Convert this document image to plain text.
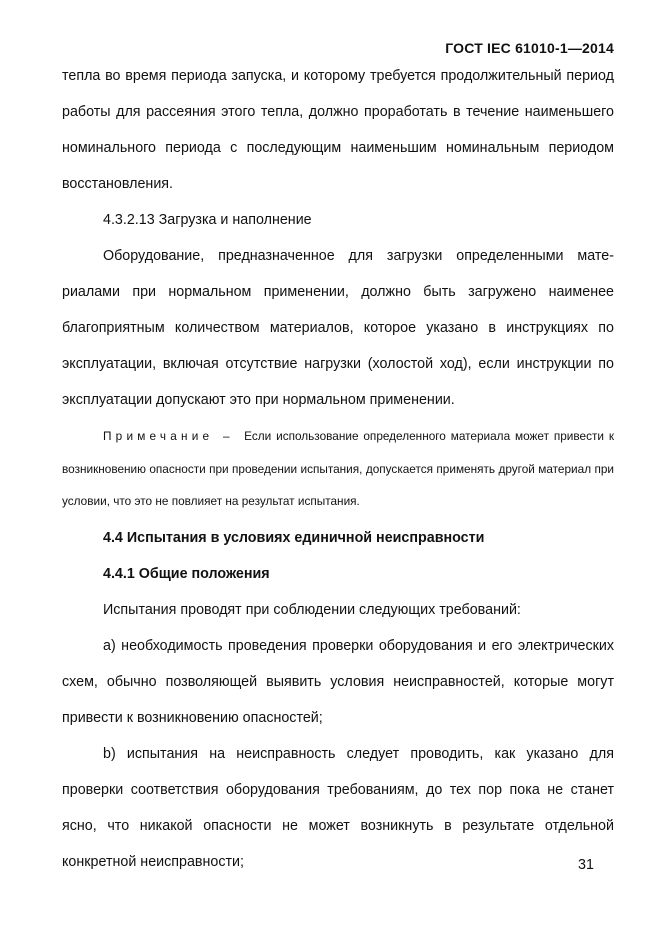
ГОСТ IEC 61010-1—2014

тепла во время периода запуска, и которому требуется продолжительный период работы для рассеяния этого тепла, должно проработать в течение наименьшего номинального периода с последующим наименьшим номинальным периодом восстановления.

4.3.2.13 Загрузка и наполнение

Оборудование, предназначенное для загрузки определенными материалами при нормальном применении, должно быть загружено наименее благоприятным количеством материалов, которое указано в инструкциях по эксплуатации, включая отсутствие нагрузки (холостой ход), если инструкции по эксплуатации допускают это при нормальном применении.

Примечание – Если использование определенного материала может привести к возникновению опасности при проведении испытания, допускается применять другой материал при условии, что это не повлияет на результат испытания.

4.4 Испытания в условиях единичной неисправности

4.4.1 Общие положения

Испытания проводят при соблюдении следующих требований:

а) необходимость проведения проверки оборудования и его электрических схем, обычно позволяющей выявить условия неисправностей, которые могут привести к возникновению опасностей;

b) испытания на неисправность следует проводить, как указано для проверки соответствия оборудования требованиям, до тех пор пока не станет ясно, что никакой опасности не может возникнуть в результате отдельной конкретной неисправности;	31
